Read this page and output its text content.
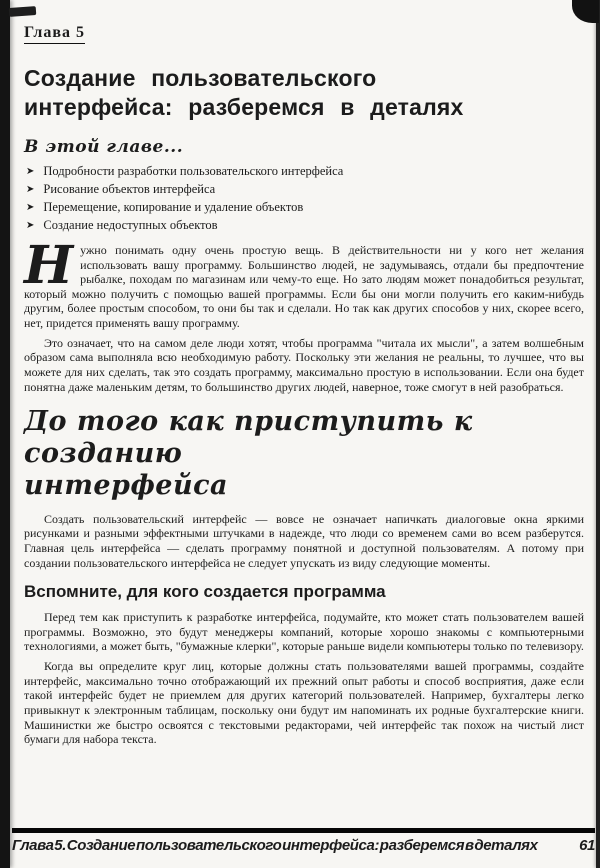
Глава 5
Создание пользовательского
интерфейса: разберемся в деталях
В этой главе...
➤ Подробности разработки пользовательского интерфейса
➤ Рисование объектов интерфейса
➤ Перемещение, копирование и удаление объектов
➤ Создание недоступных объектов

Н ужно понимать одну очень простую вещь. В действительности ни у кого нет желания использовать вашу программу. Большинство людей, не задумываясь, отдали бы предпочтение рыбалке, походам по магазинам или чему-то еще. Но зато людям может понадобиться результат, который можно получить с помощью вашей программы. Если бы они могли получить его каким-нибудь другим, более простым способом, то они бы так и сделали. Но так как других способов у них, скорее всего, нет, придется применять вашу программу.

Это означает, что на самом деле люди хотят, чтобы программа "читала их мысли", а затем волшебным образом сама выполняла всю необходимую работу. Поскольку эти желания не реальны, то лучшее, что вы можете для них сделать, так это создать программу, максимально простую в использовании. Если она будет понятна даже маленьким детям, то большинство других людей, наверное, тоже смогут в ней разобраться.

До того как приступить к созданию
интерфейса

Создать пользовательский интерфейс — вовсе не означает напичкать диалоговые окна яркими рисунками и разными эффектными штучками в надежде, что люди со временем сами во всем разберутся. Главная цель интерфейса — сделать программу понятной и доступной пользователям. А потому при создании пользовательского интерфейса не следует упускать из виду следующие моменты.

Вспомните, для кого создается программа

Перед тем как приступить к разработке интерфейса, подумайте, кто может стать пользователем вашей программы. Возможно, это будут менеджеры компаний, которые хорошо знакомы с компьютерными технологиями, а может быть, "бумажные клерки", которые раньше видели компьютеры только по телевизору.

Когда вы определите круг лиц, которые должны стать пользователями вашей программы, создайте интерфейс, максимально точно отображающий их прежний опыт работы и способ восприятия, даже если такой интерфейс будет не приемлем для других категорий пользователей. Например, бухгалтеры легко привыкнут к электронным таблицам, поскольку они будут им напоминать их родные бухгалтерские книги. Машинистки же быстро освоятся с текстовыми редакторами, чей интерфейс так похож на чистый лист бумаги для набора текста.

Глава 5. Создание пользовательского интерфейса: разберемся в деталях	61
